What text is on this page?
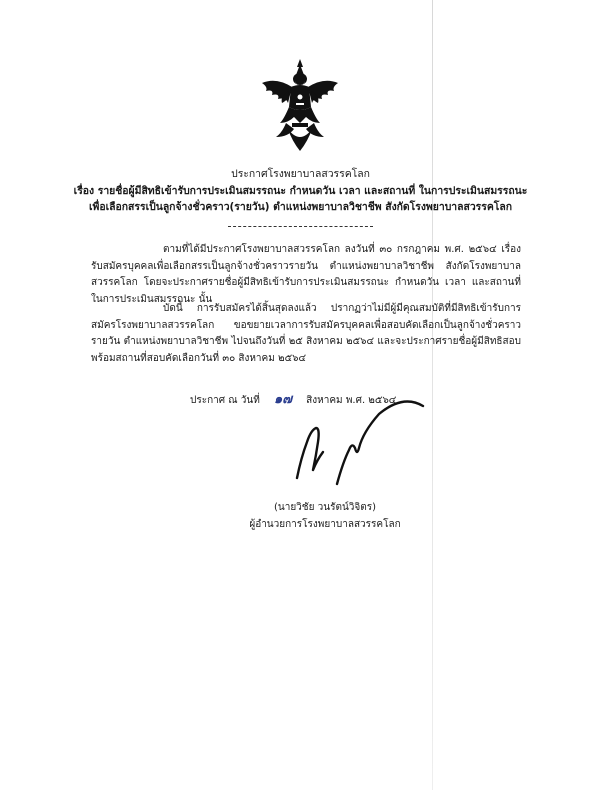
ประกาศโรงพยาบาลสวรรคโลก
เรื่อง รายชื่อผู้มีสิทธิเข้ารับการประเมินสมรรถนะ กำหนดวัน เวลา และสถานที่ ในการประเมินสมรรถนะ
เพื่อเลือกสรรเป็นลูกจ้างชั่วคราว(รายวัน) ตำแหน่งพยาบาลวิชาชีพ สังกัดโรงพยาบาลสวรรคโลก
ตามที่ได้มีประกาศโรงพยาบาลสวรรคโลก ลงวันที่ ๓๐ กรกฎาคม พ.ศ. ๒๕๖๔ เรื่องรับสมัครบุคคลเพื่อเลือกสรรเป็นลูกจ้างชั่วคราวรายวัน ตำแหน่งพยาบาลวิชาชีพ สังกัดโรงพยาบาลสวรรคโลก โดยจะประกาศรายชื่อผู้มีสิทธิเข้ารับการประเมินสมรรถนะ กำหนดวัน เวลา และสถานที่ในการประเมินสมรรถนะ นั้น
บัดนี้ การรับสมัครได้สิ้นสุดลงแล้ว ปรากฏว่าไม่มีผู้มีคุณสมบัติที่มีสิทธิเข้ารับการสมัครโรงพยาบาลสวรรคโลก ขอขยายเวลาการรับสมัครบุคคลเพื่อสอบคัดเลือกเป็นลูกจ้างชั่วคราวรายวัน ตำแหน่งพยาบาลวิชาชีพ ไปจนถึงวันที่ ๒๕ สิงหาคม ๒๕๖๔ และจะประกาศรายชื่อผู้มีสิทธิสอบพร้อมสถานที่สอบคัดเลือกวันที่ ๓๐ สิงหาคม ๒๕๖๔
ประกาศ ณ วันที่ ๑๗ สิงหาคม พ.ศ. ๒๕๖๔
(นายวิชัย วนรัตน์วิจิตร)
ผู้อำนวยการโรงพยาบาลสวรรคโลก
